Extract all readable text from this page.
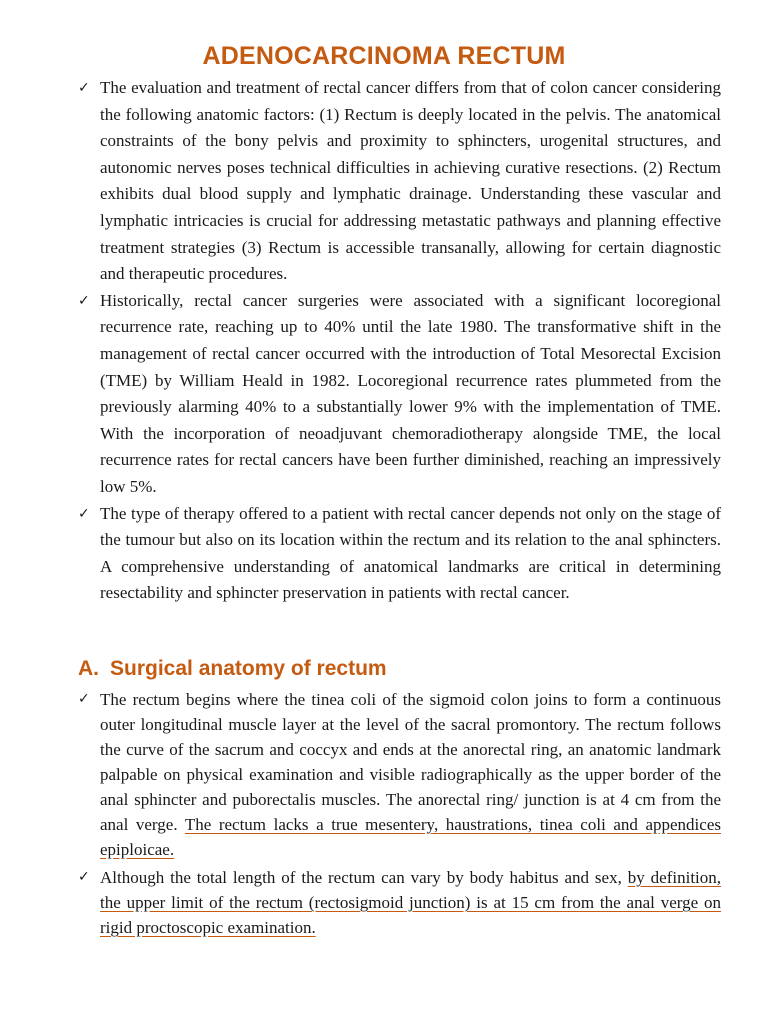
ADENOCARCINOMA RECTUM

✓ The evaluation and treatment of rectal cancer differs from that of colon cancer considering the following anatomic factors: (1) Rectum is deeply located in the pelvis. The anatomical constraints of the bony pelvis and proximity to sphincters, urogenital structures, and autonomic nerves poses technical difficulties in achieving curative resections. (2) Rectum exhibits dual blood supply and lymphatic drainage. Understanding these vascular and lymphatic intricacies is crucial for addressing metastatic pathways and planning effective treatment strategies (3) Rectum is accessible transanally, allowing for certain diagnostic and therapeutic procedures.

✓ Historically, rectal cancer surgeries were associated with a significant locoregional recurrence rate, reaching up to 40% until the late 1980. The transformative shift in the management of rectal cancer occurred with the introduction of Total Mesorectal Excision (TME) by William Heald in 1982. Locoregional recurrence rates plummeted from the previously alarming 40% to a substantially lower 9% with the implementation of TME. With the incorporation of neoadjuvant chemoradiotherapy alongside TME, the local recurrence rates for rectal cancers have been further diminished, reaching an impressively low 5%.

✓ The type of therapy offered to a patient with rectal cancer depends not only on the stage of the tumour but also on its location within the rectum and its relation to the anal sphincters. A comprehensive understanding of anatomical landmarks are critical in determining resectability and sphincter preservation in patients with rectal cancer.

A. Surgical anatomy of rectum

✓ The rectum begins where the tinea coli of the sigmoid colon joins to form a continuous outer longitudinal muscle layer at the level of the sacral promontory. The rectum follows the curve of the sacrum and coccyx and ends at the anorectal ring, an anatomic landmark palpable on physical examination and visible radiographically as the upper border of the anal sphincter and puborectalis muscles. The anorectal ring/ junction is at 4 cm from the anal verge. The rectum lacks a true mesentery, haustrations, tinea coli and appendices epiploicae.

✓ Although the total length of the rectum can vary by body habitus and sex, by definition, the upper limit of the rectum (rectosigmoid junction) is at 15 cm from the anal verge on rigid proctoscopic examination.
